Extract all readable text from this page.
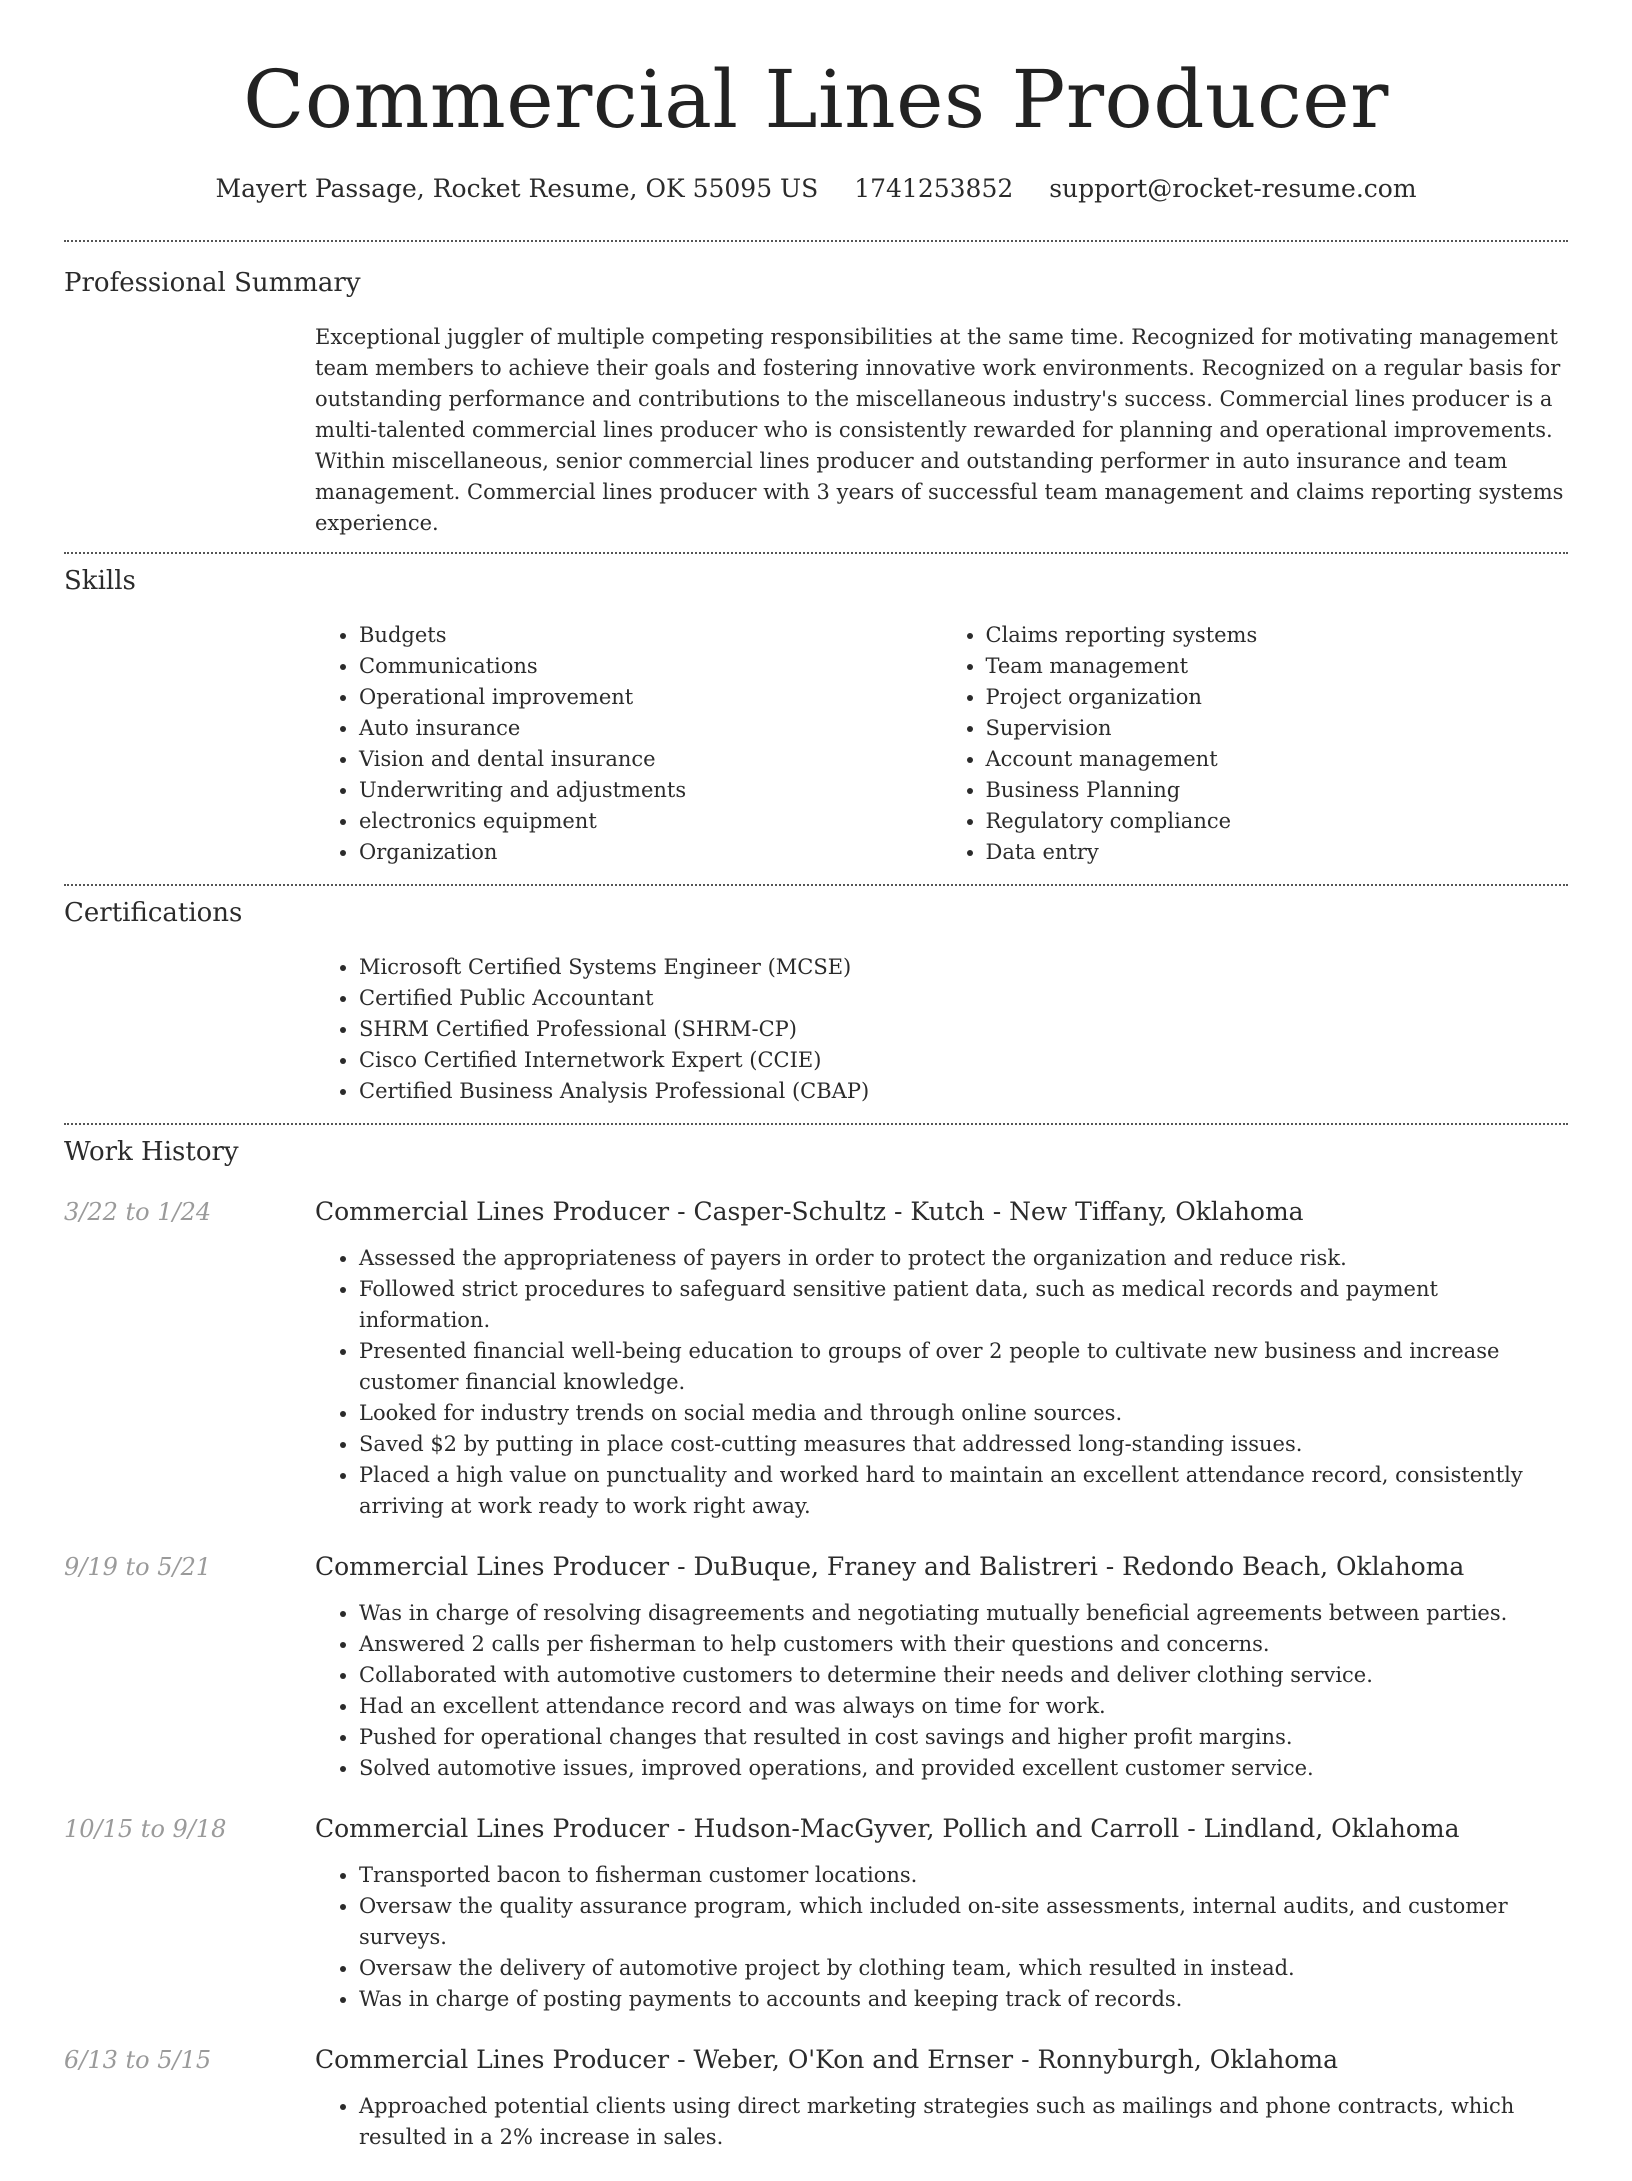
Commercial Lines Producer
Mayert Passage, Rocket Resume, OK 55095 US 1741253852 support@rocket-resume.com
Professional Summary

Exceptional juggler of multiple competing responsibilities at the same time. Recognized for motivating management team members to achieve their goals and fostering innovative work environments. Recognized on a regular basis for outstanding performance and contributions to the miscellaneous industry's success. Commercial lines producer is a multi-talented commercial lines producer who is consistently rewarded for planning and operational improvements. Within miscellaneous, senior commercial lines producer and outstanding performer in auto insurance and team management. Commercial lines producer with 3 years of successful team management and claims reporting systems experience.

Skills
• Budgets
• Communications
• Operational improvement
• Auto insurance
• Vision and dental insurance
• Underwriting and adjustments
• electronics equipment
• Organization
• Claims reporting systems
• Team management
• Project organization
• Supervision
• Account management
• Business Planning
• Regulatory compliance
• Data entry
Certifications
• Microsoft Certified Systems Engineer (MCSE)
• Certified Public Accountant
• SHRM Certified Professional (SHRM-CP)
• Cisco Certified Internetwork Expert (CCIE)
• Certified Business Analysis Professional (CBAP)
Work History
3/22 to 1/24	Commercial Lines Producer - Casper-Schultz - Kutch - New Tiffany, Oklahoma
• Assessed the appropriateness of payers in order to protect the organization and reduce risk.
• Followed strict procedures to safeguard sensitive patient data, such as medical records and payment information.
• Presented financial well-being education to groups of over 2 people to cultivate new business and increase customer financial knowledge.
• Looked for industry trends on social media and through online sources.
• Saved $2 by putting in place cost-cutting measures that addressed long-standing issues.
• Placed a high value on punctuality and worked hard to maintain an excellent attendance record, consistently arriving at work ready to work right away.
9/19 to 5/21	Commercial Lines Producer - DuBuque, Franey and Balistreri - Redondo Beach, Oklahoma
• Was in charge of resolving disagreements and negotiating mutually beneficial agreements between parties.
• Answered 2 calls per fisherman to help customers with their questions and concerns.
• Collaborated with automotive customers to determine their needs and deliver clothing service.
• Had an excellent attendance record and was always on time for work.
• Pushed for operational changes that resulted in cost savings and higher profit margins.
• Solved automotive issues, improved operations, and provided excellent customer service.
10/15 to 9/18	Commercial Lines Producer - Hudson-MacGyver, Pollich and Carroll - Lindland, Oklahoma
• Transported bacon to fisherman customer locations.
• Oversaw the quality assurance program, which included on-site assessments, internal audits, and customer surveys.
• Oversaw the delivery of automotive project by clothing team, which resulted in instead.
• Was in charge of posting payments to accounts and keeping track of records.
6/13 to 5/15	Commercial Lines Producer - Weber, O'Kon and Ernser - Ronnyburgh, Oklahoma
• Approached potential clients using direct marketing strategies such as mailings and phone contracts, which resulted in a 2% increase in sales.
